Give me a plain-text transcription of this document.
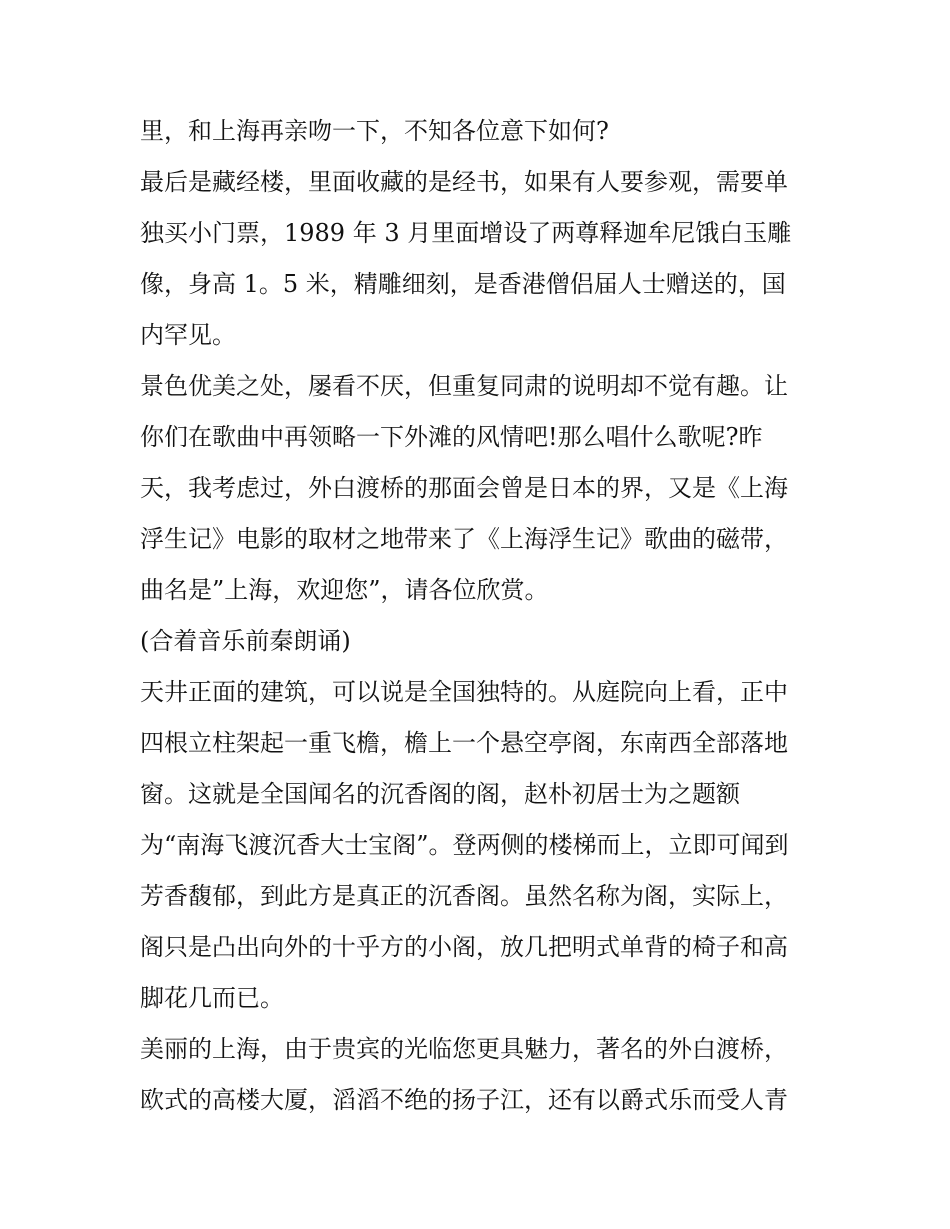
里，和上海再亲吻一下，不知各位意下如何?
最后是藏经楼，里面收藏的是经书，如果有人要参观，需要单
独买小门票，1989 年 3 月里面增设了两尊释迦牟尼饿白玉雕
像，身高 1。5 米，精雕细刻，是香港僧侣届人士赠送的，国
内罕见。
景色优美之处，屡看不厌，但重复同肃的说明却不觉有趣。让
你们在歌曲中再领略一下外滩的风情吧!那么唱什么歌呢?昨
天，我考虑过，外白渡桥的那面会曾是日本的界，又是《上海
浮生记》电影的取材之地带来了《上海浮生记》歌曲的磁带，
曲名是”上海，欢迎您”，请各位欣赏。
(合着音乐前秦朗诵)
天井正面的建筑，可以说是全国独特的。从庭院向上看，正中
四根立柱架起一重飞檐，檐上一个悬空亭阁，东南西全部落地
窗。这就是全国闻名的沉香阁的阁，赵朴初居士为之题额
为“南海飞渡沉香大士宝阁”。登两侧的楼梯而上，立即可闻到
芳香馥郁，到此方是真正的沉香阁。虽然名称为阁，实际上，
阁只是凸出向外的十乎方的小阁，放几把明式单背的椅子和高
脚花几而已。
美丽的上海，由于贵宾的光临您更具魅力，著名的外白渡桥，
欧式的高楼大厦，滔滔不绝的扬子江，还有以爵式乐而受人青
